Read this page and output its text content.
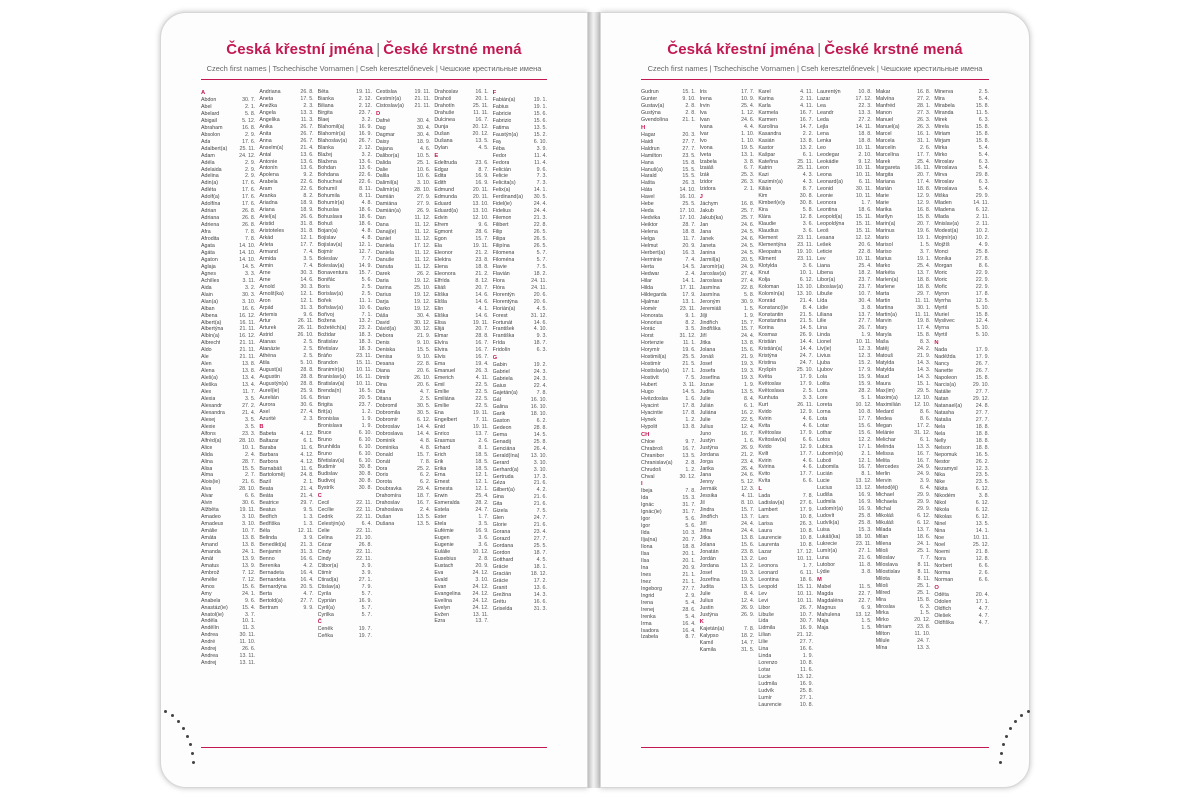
Česká křestní jména | České krstné mená
Czech first names | Tschechische Vornamen | Cseh keresztelőnevek | Чешские крестильные имена
A
Abdon	30. 7.
Ábel	2. 1.
Abelard	5. 8.
Abigail	5. 12.
Abraham	16. 8.
Absolon	2. 9.
Ada	17. 6.
Adalbert(a) 25. 11.
Adam	24. 12.
Adéla	2. 9.
Adelaida	2. 9.
Adelina	2. 9.
Adin(a)	17. 6.
Adléta	17. 6.
Adolf(a)	17. 6.
Adolfína	17. 6.
Adrian	26. 8.
Adriana	26. 8.
Adriena	26. 8.
Afra	7. 8.
Afrodita	7. 8.
Agata	14. 10.
Agáta	14. 10.
Agaton	14. 10.
Aglaja	14. 5.
Agnes	3. 3.
Achilles	3. 11.
Aida	3. 2.
Alain	30. 3.
Alan(a)	3. 10.
Alban	16. 6.
Albena	16. 12.
Albert(a)	16. 11.
Albertýna	21. 11.
Albín(a)	16. 12.
Albrecht	21. 11.
Aldo	21. 11.
Ale	21. 11.
Alen	13. 8.
Alena	13. 8.
Aleš(a)	13. 4.
Aleška	13. 4.
Alex	11. 7.
Alexia	3. 5.
Alexandr	27. 2.
Alexandra	21. 4.
Alexej	3. 5.
Alexie	3. 5.
Alfons	23. 3.
Alfréd(a)	28. 10.
Alice	10. 1.
Alida	2. 4.
Alina	28. 7.
Alisa	15. 5.
Alma	2. 7.
Alois(ie)	21. 6.
Alva	28. 10.
Alvar	6. 6.
Alvin	30. 6.
Alžběta	19. 11.
Amadeo	3. 10.
Amadeus	3. 10.
Amálie	10. 7.
Amáta	13. 8.
Amand	13. 8.
Amanda	24. 1.
Amát	13. 9.
Amatus	13. 9.
Ambrož	7. 12.
Amélie	7. 12.
Amos	15. 6.
Amy	24. 1.
Anabela	9. 6.
Anastáz(ie)	15. 4.
Anatol(ie)	3. 7.
Anděla	10. 1.
Andělín	11. 3.
Andrea	30. 11.
André	11. 10.
Andrej	26. 6.
Andrea	13. 11.
Andrej	13. 11.
Andriana	26. 8.
Aneta	17. 5.
Anežka	2. 3.
Angela	13. 3.
Angelika	11. 3.
Anika	26. 7.
Anita	26. 7.
Anna	26. 7.
Anselm(a)	21. 4.
Antal	13. 6.
Antonie	13. 6.
Antonín	13. 6.
Apolena	9. 2.
Arabela	22. 6.
Aram	22. 6.
Aranka	8. 2.
Ariadna	18. 9.
Ariana	18. 9.
Ariel(a)	26. 6.
Aristid	31. 8.
Aristoteles	31. 8.
Arkád	12. 1.
Arleta	17. 7.
Armand	7. 4.
Armida	3. 5.
Armin	7. 4.
Arne	30. 3.
Arne	14. 6.
Arnold	30. 3.
Arnošt(ka)	12. 1.
Aron	12. 1.
Arpád	31. 3.
Artemis	9. 6.
Artur	26. 11.
Arturek	26. 11.
Astrid	26. 10.
Atanas	2. 5.
Atanázie	2. 5.
Athéna	2. 5.
Atila	5. 10.
August(a)	28. 8.
Augustin	28. 8.
Augustýn(a) 28. 8.
Aurel(ie)	25. 9.
Aurelián	16. 6.
Aurora	30. 6.
Axel	27. 4.
Azurité	2. 3.
B
Babeta	4. 12.
Baltazar	6. 1.
Baraba	11. 6.
Barbara	4. 12.
Barbora	4. 12.
Barnabáš	11. 6.
Bartoloměj	24. 8.
Bazil	2. 1.
Beata	21. 4.
Beáta	21. 4.
Beatrice	29. 7.
Beatus	9. 5.
Bedřich	1. 3.
Bedřiška	1. 3.
Béla	12. 11.
Belinda	3. 9.
Benedikt(a)	21. 3.
Benjamin	31. 3.
Benno	16. 6.
Berenika	4. 2.
Bernadeta	16. 4.
Bernardeta	16. 4.
Bernardýna	20. 5.
Berta	4. 7.
Bertold(a)	27. 7.
Bertram	9. 9.
Běta	19. 11.
Bianka	2. 12.
Biliana	2. 12.
Birgita	23. 7.
Blaej	3. 2.
Blahomil(a)	16. 9.
Blahomír(a)	16. 9.
Blahoslav(a) 26. 7.
Blanka	2. 12.
Blažej	3. 2.
Blažena	13. 6.
Bohdan	13. 6.
Bohdana	22. 6.
Bohuchval	22. 6.
Bohumil	8. 11.
Bohumila	8. 11.
Bohumír(a)	4. 8.
Bohuslav	18. 6.
Bohuslava	18. 6.
Bohuš	18. 6.
Bojan(a)	4. 8.
Bojislav	4. 8.
Bojislav(a)	12. 1.
Bojmír	12. 7.
Boleslav	7. 7.
Boleslav(a)	14. 9.
Bonaventura 15. 7.
Bonifác	5. 6.
Boris	2. 5.
Borislav(a)	2. 5.
Bořek	11. 1.
Bořislav(a)	10. 6.
Bořivoj	7. 1.
Božena	13. 2.
Božetěch(a) 23. 2.
Božidar	18. 3.
Bratislav	18. 3.
Břetislav	18. 3.
Bráňo	23. 11.
Brandon	15. 11.
Branimír(a) 10. 11.
Branislav(a) 16. 11.
Bratislav(a) 10. 11.
Brenda(n)	16. 5.
Brian	20. 5.
Brigita	23. 7.
Brit(a)	1. 2.
Bronislav	1. 9.
Bronislava	1. 9.
Bruce	6. 10.
Bruno	6. 10.
Brunhilda	6. 10.
Bruno	6. 10.
Břetislav(a)	6. 10.
Budimír	30. 8.
Budislav	30. 8.
Budivoj	30. 8.
Bystrík	30. 8.
C
Cecil	22. 11.
Cecílie	22. 11.
Cedrik	22. 11.
Celestýn(a)	6. 4.
Celie	22. 11.
Celina	21. 10.
Cézar	26. 8.
Cindy	22. 11.
Cindy	22. 11.
Ctibor(a)	3. 9.
Ctimír	3. 9.
Ctirad(a)	27. 1.
Ctislav(a)	7. 9.
Cyrila	5. 7.
Cyprián	16. 9.
Cyril(a)	5. 7.
Cyrilka	5. 7.
Č
Čeněk	19. 7.
Čeňka	19. 7.
Čestislav	19. 11.
Čestmír(a)	21. 11.
Čistoslav(a) 21. 11.
D
Dafné	30. 4.
Dag	30. 4.
Dagmar	30. 4.
Daisy	18. 9.
Dajana	4. 6.
Dalibor(a)	10. 5.
Dalida	25. 1.
Dalie	10. 6.
Dalila	10. 6.
Dalimil(a)	3. 10.
Dalimír(a)	28. 10.
Damián	27. 9.
Damiána	27. 9.
Damián(a)	26. 9.
Dan	11. 12.
Dana	11. 12.
Danaj(e)	11. 12.
Daniel	11. 12.
Daniela	17. 12.
Daniela	11. 12.
Danuše	11. 12.
Danuta	11. 12.
Darek	26. 2.
Daria	19. 12.
Darina	25. 10.
Darius	19. 12.
Darja	19. 12.
Darko	19. 12.
Dáša	30. 4.
David	30. 12.
Dávid(a)	30. 12.
Debora	21. 9.
Denis	9. 10.
Deniska	15. 5.
Denisa	9. 10.
Desana	22. 8.
Diana	20. 6.
Dimitr	26. 10.
Dina	20. 6.
Dita	4. 7.
Ditana	2. 5.
Dobromil	30. 5.
Dobromila	30. 5.
Dobromír	6. 12.
Dobroslav	14. 4.
Dobroslava	14. 4.
Dominik	4. 8.
Dominika	4. 8.
Donald	15. 7.
Donát	7. 8.
Dora	25. 2.
Doris	6. 2.
Dorota	6. 2.
Doubravka	29. 4.
Drahomíra	18. 7.
Drahoslav	16. 7.
Drahoslava	2. 4.
Dušan	13. 5.
Dušana	13. 5.
Drahoslav	16. 1.
Drahoš	20. 1.
Drahotín	25. 11.
Drahuše	11. 11.
Dulcinea	16. 7.
Dunja	20. 12.
Dušan	20. 12.
Dušana	13. 5.
Dylan	4. 5.
E
Edeltruda	23. 6.
Edgar	8. 7.
Edita	16. 9.
Edith	16. 9.
Edmund	20. 11.
Edmunda	20. 11.
Eduard	13. 10.
Eduard(a)	13. 10.
Edvin	12. 10.
Efrem	9. 6.
Egmont	28. 6.
Egon	15. 7.
Ela	19. 11.
Eleonor	21. 2.
Elektra	23. 8.
Elena	18. 8.
Eleonora	21. 2.
Elfrída	8. 12.
Eliáš	20. 7.
Eliška	14. 6.
Elišla	14. 6.
Elin	4. 1.
Eliška	14. 6.
Elisa	19. 11.
Elijá	20. 7.
Elmar	28. 8.
Elvíra	16. 7.
Elvira	16. 7.
Elvis	16. 7.
Ema	19. 4.
Emanuel	26. 3.
Emerich	4. 11.
Emil	22. 5.
Emílie	22. 5.
Emiliána	22. 5.
Emílie	22. 5.
Ena	19. 11.
Engelbert	7. 11.
Enid	19. 11.
Enrico	13. 7.
Erasmus	2. 6.
Erhard	8. 1.
Erich	18. 5.
Erik	18. 5.
Erika	18. 5.
Erna	12. 1.
Ernest	12. 1.
Ernesta	12. 1.
Erwin	25. 4.
Esmeralda	28. 2.
Estela	24. 7.
Ester	1. 7.
Etela	3. 5.
Eufémie	16. 9.
Eugen	3. 6.
Eugenie	3. 6.
Eulálie	10. 12.
Eusebius	2. 8.
Eustach	20. 9.
Eva	24. 12.
Evald	3. 10.
Evan	24. 12.
Evangelina 24. 12.
Evelína	24. 12.
Evelyn	24. 12.
Evžen	13. 11.
Ezra	13. 7.
F
Fabián(a)	19. 1.
Fabius	19. 1.
Fabricie	15. 6.
Fabrizio	15. 6.
Fatima	13. 5.
Faustýn(a)	15. 2.
Fay	6. 10.
Féba	3. 9.
Fedor	11. 4.
Fedora	11. 4.
Felicián	9. 6.
Felicie	7. 3.
Felicita(s)	7. 3.
Felix(a)	14. 1.
Ferdinand(a) 30. 5.
Fidel(ie)	24. 4.
Fidelius	24. 4.
Filemon	21. 3.
Filibert	22. 8.
Filip	26. 5.
Filipa	26. 5.
Filipína	26. 5.
Filomena	5. 7.
Filoména	5. 7.
Flavie	7. 5.
Flavián	18. 2.
Flora	24. 11.
Flóra	24. 11.
Florentýn	20. 6.
Florentýna	20. 6.
Florián(a)	4. 5.
Forest	31. 12.
Fortunát	14. 6.
František	4. 10.
Františka	9. 3.
Frída	18. 7.
Fridolín	6. 3.
G
Gabin	19. 2.
Gabriel	24. 3.
Gabriela	24. 3.
Gaius	22. 4.
Gajetán(a)	7. 8.
Gál	16. 10.
Galina	16. 10.
Garik	18. 10.
Gaston	6. 2.
Gedeon	28. 8.
Gema	14. 5.
Genadij	25. 8.
Genciána	26. 4.
Gerald(ína) 13. 10.
Gerard	3. 10.
Gerhard(a)	3. 10.
Gertruda	17. 3.
Géza	21. 6.
Gilbert(a)	4. 2.
Gina	21. 6.
Gita	21. 6.
Gizela	7. 5.
Glen	24. 7.
Glorie	21. 6.
Gorana	23. 4.
Gorazd	27. 7.
Gordana	25. 5.
Gordon	18. 7.
Gotthard	4. 5.
Grácie	18. 1.
Gracián	18. 12.
Grácie	17. 2.
Granit	13. 6.
Grežina	14. 3.
Grétu	16. 6.
Griselda	31. 3.
Česká křestní jména | České krstné mená
Czech first names | Tschechische Vornamen | Cseh keresztelőnevek | Чешские крестильные имена
Gudrun	15. 1.
Gunter	9. 10.
Gustav(a)	2. 8.
Gustýna	2. 8.
Gvendolína	21. 1.
H
Hagar	20. 3.
Haidi	27. 7.
Haldrun	27. 7.
Hamilton	23. 5.
Hana	15. 8.
Hanuš(a)	15. 5.
Harald	15. 5.
Hašta	26. 3.
Háta	14. 10.
Havel	16. 10.
Hebe	25. 5.
Heda	17. 10.
Hedvika	17. 10.
Heiktor	28. 7.
Helena	18. 8.
Helga	11. 7.
Helmut	20. 9.
Herbert(a)	16. 3.
Herminie	7. 4.
Herta	14. 5.
Hedwar	2. 4.
Hilar	14. 1.
Hilda	17. 11.
Hildegarda	17. 9.
Hjalmar	13. 1.
Homér	23. 11.
Honorata	9. 1.
Honorius	8. 2.
Horác	3. 5.
Horst	31. 12.
Hortenzie	11. 1.
Horymír	19. 6.
Hostimil(a)	25. 5.
Hostimír	21. 5.
Hostislav(a)	17. 1.
Hostivít	7. 5.
Hubert	3. 11.
Hugo	14. 5.
Hvězdoslav	1. 6.
Hyacint	17. 8.
Hyacintie	17. 8.
Hynek	1. 2.
Hypolit	13. 8.
CH
Chloe	9. 7.
Chrabroš	16. 7.
Chranibor	13. 5.
Chranislav(a) 2. 8.
Chrudoš	1. 2.
Chval	30. 12.
I
Ibeja	7. 8.
Ida	15. 3.
Ignác	31. 7.
Ignác(ie)	31. 7.
Igor	5. 6.
Igor	5. 6.
Ilda	10. 3.
Ilja(na)	20. 7.
Ilona	18. 8.
Ilsa	20. 1.
Ilsa	20. 1.
Ina	20. 9.
Ines	21. 1.
Inez	21. 1.
Ingeborg	27. 7.
Ingrid	2. 9.
Irena	5. 4.
Irenej	28. 6.
Irenka	5. 4.
Irma	16. 4.
Isadora	16. 4.
Izabela	8. 7.
Iris	17. 7.
Irena	10. 9.
Irvin	25. 4.
Iva	1. 12.
Ivan	24. 6.
Ivana	4. 4.
Ivar	1. 10.
Ivo	1. 10.
Ivona	19. 5.
Iveta	13. 1.
Izabela	3. 8.
Izaiáš	6. 7.
Izák	25. 3.
Izidor	26. 3.
Izidora	2. 1.
J
Jáchym	16. 8.
Jakub	25. 7.
Jakub(ka)	25. 7.
Jan	24. 6.
Jana	24. 5.
Janek	24. 6.
Janeta	24. 5.
Janina	24. 5.
Jarmil(a)	20. 5.
Jaromír(a)	24. 9.
Jaroslav(a)	27. 4.
Jaroslava	27. 4.
Jasmína	22. 8.
Jasmína	5. 8.
Jeroným	30. 9.
Jeremiáš	1. 5.
Jiljí	1. 9.
Jindřich	15. 7.
Jindřiška	15. 7.
Jiří	24. 4.
Jitka	13. 8.
Jolana	15. 6.
Jonáš	21. 9.
Josef	19. 3.
Josefa	19. 3.
Josefína	19. 3.
Jozue	1. 9.
Judita	13. 5.
Julie	8. 4.
Julián	6. 1.
Juliána	16. 2.
Julie	22. 5.
Julius	12. 4.
Juno	16. 7.
Justýn	1. 6.
Justýna	26. 9.
Jordana	21. 2.
Jorga	23. 4.
Jarika	26. 4.
Jana	24. 6.
Jenny	5. 12.
Jermák	12. 3.
Jessika	4. 11.
Jil	8. 10.
Jindra	15. 7.
Jindřich	13. 7.
Jiří	24. 4.
Jiřina	24. 4.
Jitka	13. 8.
Jolana	15. 6.
Jonatán	23. 8.
Jordán	13. 2.
Jordana	13. 2.
Josef	19. 3.
Jozefína	19. 3.
Judita	13. 5.
Julie	8. 4.
Julius	12. 4.
Justin	26. 9.
Justýna	26. 9.
K
Kajetán(a)	7. 8.
Kalypso	18. 2.
Kamil	14. 7.
Kamila	31. 5.
Karel	4. 11.
Karina	2. 11.
Karla	4. 11.
Karmela	16. 7.
Karmen	16. 7.
Karolína	14. 7.
Kasandra	2. 2.
Kasián	13. 8.
Kastor	13. 2.
Kašpar	6. 1.
Kateřina	25. 11.
Katrin	25. 11.
Kazi	4. 3.
Kazimír(a)	4. 3.
Kilián	8. 7.
Kim	30. 8.
Kimberl(e)y	30. 8.
Kira	5. 8.
Klára	12. 8.
Klaudie	3. 6.
Klaudius	3. 6.
Klement	23. 11.
Klementýna 23. 11.
Kleopatra	19. 10.
Kliment	23. 11.
Klotylda	3. 6.
Knut	10. 1.
Kolja	6. 12.
Koloman	13. 10.
Kolomín(a) 13. 10.
Konrád	21. 4.
Konstanc(i)e	8. 4.
Konstantin	21. 5.
Konstantina	21. 5.
Korina	14. 5.
Kosmas	26. 9.
Kristián	14. 4.
Kristián(a)	14. 4.
Kristýna	24. 7.
Kristina	24. 7.
Kryšpín	25. 10.
Květa	17. 9.
Květoslav	17. 9.
Květoslava	2. 5.
Kunhuta	3. 3.
Kurt	26. 11.
Kvido	12. 9.
Kvirin	4. 6.
Kvita	4. 6.
Květoslav	17. 9.
Kvítoslav(a)	6. 6.
Kvido	12. 9.
Kvilt	17. 7.
Kvirin	4. 6.
Kvirina	4. 6.
Kvito	17. 7.
Kvíta	6. 6.
L
Lada	7. 8.
Ladislav(a)	27. 6.
Lambert	17. 9.
Lars	10. 8.
Larisa	26. 3.
Laura	10. 8.
Laurencie	10. 8.
Laurenta	10. 8.
Lazar	17. 12.
Leo	10. 11.
Leonora	1. 7.
Leonard	6. 11.
Leontina	18. 6.
Leopold	15. 11.
Lev	10. 11.
Levi	10. 11.
Libor	26. 7.
Libuše	10. 7.
Lida	30. 7.
Lidmila	16. 9.
Lilian	21. 12.
Lilie	27. 7.
Lina	16. 6.
Linda	1. 9.
Lorenzo	10. 8.
Lotar	11. 6.
Lucie	13. 12.
Ludmila	16. 9.
Ludvík	25. 8.
Lumír	27. 1.
Laurencie	10. 8.
Laurentýn	10. 8.
Lazar	17. 12.
Lea	22. 3.
Leandr	13. 3.
Leda	27. 2.
Lejla	14. 11.
Lena	18. 8.
Lenka	18. 8.
Leo	10. 11.
Leodegar	2. 10.
Leokádie	9. 12.
Leon	10. 11.
Leona	10. 11.
Leonard(a)	6. 11.
Leonid	30. 11.
Leonie	10. 11.
Leonora	1. 7.
Leontina	18. 6.
Leopold(a)	15. 11.
Leopoldýna 15. 11.
Leoš	15. 11.
Lesana	12. 12.
Lešek	20. 6.
Leticie	22. 8.
Lev	10. 11.
Liana	25. 4.
Libena	18. 2.
Libor(a)	23. 7.
Liboslav(a)	23. 7.
Libuše	10. 7.
Lída	30. 4.
Lidie	3. 8.
Liliana	13. 7.
Lilie	27. 7.
Lina	26. 7.
Linda	1. 9.
Lionel	10. 11.
Liv(ie)	12. 3.
Livius	12. 3.
Ljuba	15. 2.
Ljubov	17. 9.
Lola	15. 9.
Lolita	15. 9.
Lora	28. 2.
Lore	5. 1.
Loreta	10. 12.
Lorna	10. 8.
Lota	17. 7.
Lotar	15. 6.
Lothar	15. 6.
Lotos	12. 2.
Lubica	17. 1.
Lubomír(a)	2. 1.
Luboš	12. 1.
Lubomila	16. 7.
Lucián	8. 1.
Lucie	13. 12.
Lucius	13. 12.
Ludiša	16. 9.
Ludmila	16. 9.
Ludomír(a)	16. 9.
Ludovít	25. 8.
Ludvík(a)	25. 8.
Luisa	15. 3.
Lukáš(ka)	18. 10.
Lukrecie	23. 11.
Lumír(a)	27. 1.
Luna	21. 6.
Lutobor	11. 8.
Lýdie	3. 8.
M
Mabel	11. 5.
Magda	22. 7.
Magdaléna	22. 7.
Magnus	6. 9.
Mahulena	13. 12.
Maja	1. 5.
Maja	1. 5.
Makar	16. 8.
Malvína	27. 2.
Manfréd	28. 1.
Manon	27. 3.
Manuel	26. 3.
Manuel(a)	26. 3.
Marcel	16. 1.
Marcela	31. 1.
Marcelin	2. 6.
Marcelína	17. 7.
Marek	25. 4.
Margareta	16. 11.
Margita	20. 7.
Mariana	17. 4.
Marián	18. 8.
Marie	12. 9.
Marie	12. 9.
Marika	16. 8.
Marilyn	15. 8.
Marin(a)	20. 7.
Marinus	19. 6.
Mario	19. 1.
Marisol	1. 5.
Mariso	3. 7.
Marius	19. 1.
Marko	25. 4.
Markéta	13. 7.
Marlen(a)	18. 8.
Marlene	18. 8.
Marta	29. 7.
Martin	11. 11.
Martina	30. 1.
Martin(a)	11. 11.
Marvin	19. 8.
Mary	17. 4.
Maryla	15. 8.
Maša	8. 3.
Matěj	24. 2.
Matouš	21. 9.
Matylda	14. 3.
Matylda	14. 3.
Maud	14. 3.
Maura	15. 1.
Max(im)	29. 5.
Maxim(a)	12. 10.
Maximilián	12. 10.
Medard	8. 6.
Medea	8. 6.
Megan	17. 2.
Melánie	31. 12.
Melichar	6. 1.
Melinda	13. 3.
Melissa	16. 7.
Melita	16. 7.
Mercedes	24. 9.
Merlin	24. 9.
Mervin	3. 9.
Metod(ěj)	6. 4.
Michael	29. 9.
Michaela	29. 9.
Michal	29. 9.
Mikoláš	6. 12.
Mikuláš	6. 12.
Milada	13. 7.
Milan	18. 6.
Milena	24. 1.
Miloš	25. 1.
Miloslav	7. 7.
Miloslava	8. 11.
Milostislav	8. 11.
Milota	8. 11.
Miloš	25. 1.
Milred	25. 1.
Mira	15. 8.
Miroslav	6. 3.
Mirka	1. 5.
Mirko	20. 12.
Miriam	23. 8.
Milton	11. 10.
Milule	24. 7.
Mína	13. 3.
Minerva	2. 5.
Mira	5. 4.
Mirabela	15. 8.
Miranda	11. 5.
Mirek	6. 3.
Mirela	15. 8.
Miriam	15. 8.
Mirjam	15. 8.
Mirka	5. 4.
Mirko	5. 4.
Miroslav	6. 3.
Miroslava	5. 4.
Mirva	29. 8.
Miroslav	6. 3.
Miroslava	5. 4.
Miška	29. 9.
Mladen	14. 11.
Mladena	6. 12.
Mlada	2. 11.
Mnislav(a)	2. 11.
Modest(a)	10. 2.
Mojmír(a)	10. 2.
Mojžíš	4. 9.
Monci	25. 8.
Monika	27. 8.
Morgan	8. 6.
Moric	22. 9.
Moric	22. 9.
Mořic	22. 9.
Myron	17. 8.
Myrrha	12. 5.
Myrtil	5. 10.
Muriel	15. 8.
Myslivec	12. 4.
Myrna	5. 10.
Myrtil	5. 10.
N
Nada	17. 9.
Naděžda	17. 9.
Nancy	26. 7.
Nanette	26. 7.
Napoleon	15. 8.
Narcis(a)	29. 10.
Natálie	27. 7.
Natan	29. 12.
Natanael(a)	24. 8.
Natasha	27. 7.
Nataša	27. 7.
Nela	18. 8.
Nela	18. 8.
Nelly	18. 8.
Nelson	18. 8.
Nepomuk	16. 5.
Nestor	26. 2.
Nezamysl	12. 3.
Nika	23. 5.
Nike	23. 5.
Nikita	6. 12.
Nikodém	3. 8.
Nikol	6. 12.
Nikola	6. 12.
Nikolas	6. 12.
Ninel	13. 5.
Nina	14. 1.
Noe	10. 11.
Noel	25. 12.
Noemi	21. 8.
Nora	12. 8.
Norbert	6. 6.
Norma	2. 6.
Norman	6. 6.
O
Oděta	20. 4.
Odolen	17. 1.
Oldřich	4. 7.
Olešek	4. 7.
Oldřiška	4. 7.
